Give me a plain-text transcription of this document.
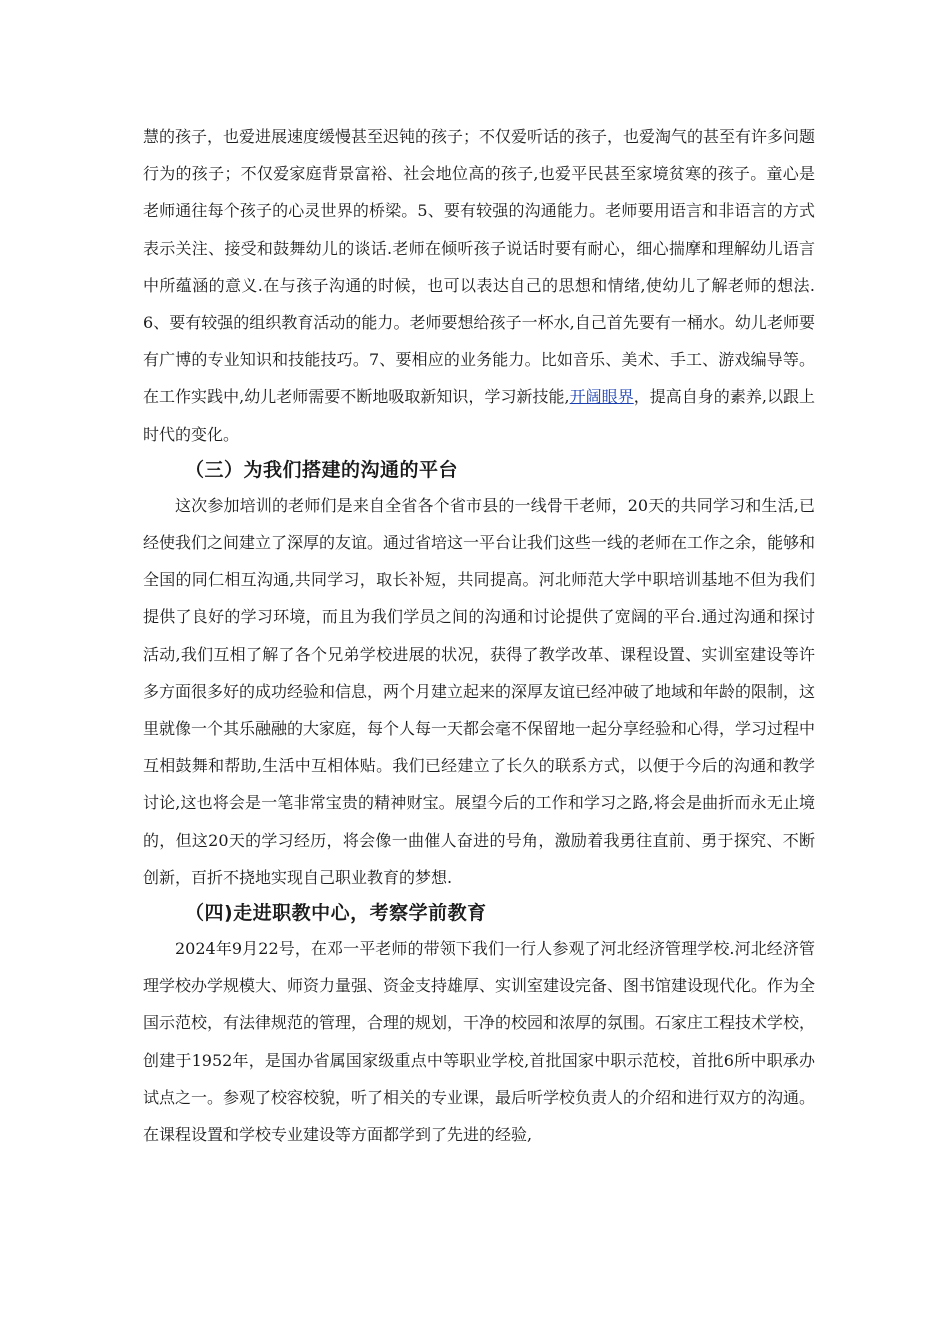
慧的孩子，也爱进展速度缓慢甚至迟钝的孩子；不仅爱听话的孩子，也爱淘气的甚至有许多问题行为的孩子；不仅爱家庭背景富裕、社会地位高的孩子,也爱平民甚至家境贫寒的孩子。童心是老师通往每个孩子的心灵世界的桥梁。5、要有较强的沟通能力。老师要用语言和非语言的方式表示关注、接受和鼓舞幼儿的谈话.老师在倾听孩子说话时要有耐心，细心揣摩和理解幼儿语言中所蕴涵的意义.在与孩子沟通的时候，也可以表达自己的思想和情绪,使幼儿了解老师的想法.6、要有较强的组织教育活动的能力。老师要想给孩子一杯水,自己首先要有一桶水。幼儿老师要有广博的专业知识和技能技巧。7、要相应的业务能力。比如音乐、美术、手工、游戏编导等。在工作实践中,幼儿老师需要不断地吸取新知识，学习新技能,开阔眼界，提高自身的素养,以跟上时代的变化。

（三）为我们搭建的沟通的平台

这次参加培训的老师们是来自全省各个省市县的一线骨干老师，20天的共同学习和生活,已经使我们之间建立了深厚的友谊。通过省培这一平台让我们这些一线的老师在工作之余，能够和全国的同仁相互沟通,共同学习，取长补短，共同提高。河北师范大学中职培训基地不但为我们提供了良好的学习环境，而且为我们学员之间的沟通和讨论提供了宽阔的平台.通过沟通和探讨活动,我们互相了解了各个兄弟学校进展的状况，获得了教学改革、课程设置、实训室建设等许多方面很多好的成功经验和信息，两个月建立起来的深厚友谊已经冲破了地域和年龄的限制，这里就像一个其乐融融的大家庭，每个人每一天都会毫不保留地一起分享经验和心得，学习过程中互相鼓舞和帮助,生活中互相体贴。我们已经建立了长久的联系方式，以便于今后的沟通和教学讨论,这也将会是一笔非常宝贵的精神财宝。展望今后的工作和学习之路,将会是曲折而永无止境的，但这20天的学习经历，将会像一曲催人奋进的号角，激励着我勇往直前、勇于探究、不断创新，百折不挠地实现自己职业教育的梦想.

（四)走进职教中心，考察学前教育

2024年9月22号，在邓一平老师的带领下我们一行人参观了河北经济管理学校.河北经济管理学校办学规模大、师资力量强、资金支持雄厚、实训室建设完备、图书馆建设现代化。作为全国示范校，有法律规范的管理，合理的规划，干净的校园和浓厚的氛围。石家庄工程技术学校，创建于1952年，是国办省属国家级重点中等职业学校,首批国家中职示范校，首批6所中职承办试点之一。参观了校容校貌，听了相关的专业课，最后听学校负责人的介绍和进行双方的沟通。在课程设置和学校专业建设等方面都学到了先进的经验,
